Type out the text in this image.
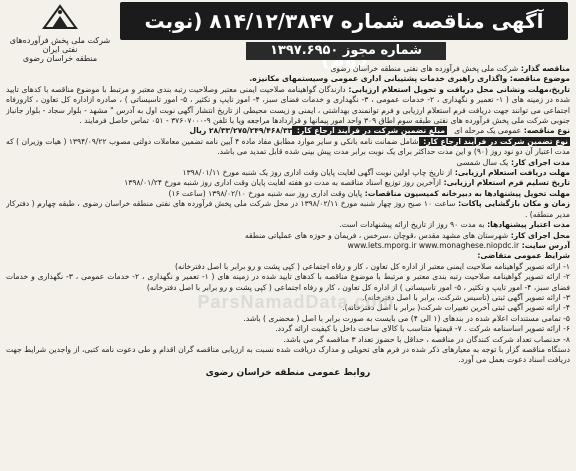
شرکت ملی پخش فرآورده‌های نفتی ایران
منطقه خراسان رضوی
آگهی مناقصه شماره ۸۱۴/۱۲/۳۸۴۷ (نوبت
شماره مجوز ۱۳۹۷.۶۹۵۰

مناقصه گذار: شرکت ملی پخش فرآورده های نفتی منطقه خراسان رضوی

موضوع مناقصه: واگذاری راهبری خدمات پشتیبانی اداری عمومی وسیستمهای مکانیزه.

تاریخ،مهلت ونشانی محل دریافت و تحویل استعلام ارزیابی: دارندگان گواهینامه صلاحیت ایمنی معتبر وصلاحیت رتبه بندی معتبر و مرتبط با موضوع مناقصه با کدهای تایید شده در زمینه های ( ۱- تعمیر و نگهداری ، ۲- خدمات عمومی ، ۳- نگهداری و خدمات فضای سبز، ۴- امور تایپ و تکثیر ، ۵- امور تاسیساتی ) ، صادره ازاداره کل تعاون ، کارورفاه اجتماعی می توانند جهت دریافت فرم استعلام ارزیابی و فرم توانمندی بهداشتی ، ایمنی و زیست محیطی از تاریخ انتشار آگهی نوبت اول به آدرس " مشهد - بلوار سجاد - بلوار جانباز جنوبی شرکت ملی پخش فرآورده های نفتی طبقه سوم اطاق ۳۰۹ واحد امور پیمانها و قراردادها مراجعه ویا با تلفن ۹-۳۷۶۰۷۰۰۰ - ۰۵۱ تماس حاصل فرمایند .

نوع مناقصه: عمومی یک مرحله ای   مبلغ تضمین شرکت در فرآیند ارجاع کار: ۲۸/۳۳/۲۷۵/۲۴۹/۴۶۸/۳۳ ریال

نوع تضمین شرکت در فرآیند ارجاع کار: شامل ضمانت نامه بانکی و سایر موارد مطابق مفاد ماده ۴ آیین نامه تضمین معاملات دولتی مصوب ۱۳۹۴/۰۹/۲۲ ( هیات وزیران ) که مدت اعتبار آن دو نود روز (۹۰) و این مدت حداکثر برای یک نوبت برابر مدت پیش بینی شده قابل تمدید می باشد.

مدت اجرای کار: یک سال شمسی

مهلت دریافت استعلام ارزیابی: از تاریخ چاپ اولین نوبت آگهی لغایت پایان وقت اداری روز یک شنبه مورخ ۱۳۹۸/۰۱/۱۱

تاریخ تسلیم فرم استعلام ارزیابی: ازآخرین روز توزیع اسناد مناقصه به مدت دو هفته لغایت پایان وقت اداری روز شنبه مورخ ۱۳۹۸/۰۱/۲۴

مهلت تحویل پیشنهادها به دبیرخانه کمیسیون مناقصات: پایان وقت اداری روز سه شنبه مورخ ۱۳۹۸/۰۲/۱۰ (ساعت ۱۶)

زمان و مکان بازگشایی پاکات: ساعت ۱۰ صبح روز چهار شنبه مورخ ۱۳۹۸/۰۲/۱۱ در محل شرکت ملی پخش فرآورده های نفتی منطقه خراسان رضوی ، طبقه چهارم ( دفترکار مدیر منطقه) .

مدت اعتبار پیشنهادها: به مدت ۹۰ روز از تاریخ ارائه پیشنهادات است.

محل اجرای کار: شهرستان های مشهد مقدس ،قوچان ،سرخس ، فریمان و حوزه های عملیاتی منطقه

آدرس سایت: www.lets.mporg.ir www.monaghese.niopdc.ir

شرایط عمومی متقاضی:

۱- ارائه تصویر گواهینامه صلاحیت ایمنی معتبر از اداره کل تعاون ، کار و رفاه اجتماعی ( کپی پشت و رو برابر با اصل دفترخانه)

۲- ارائه تصویر گواهینامه صلاحیت رتبه بندی معتبر و مرتبط با موضوع مناقصه با کدهای تایید شده در زمینه های ( ۱- تعمیر و نگهداری ، ۲- خدمات عمومی ، ۳- نگهداری و خدمات فضای سبز، ۴- امور تایپ و تکثیر ، ۵- امور تاسیساتی ) از اداره کل تعاون ، کار و رفاه اجتماعی ( کپی پشت و رو برابر با اصل دفترخانه)

۳- ارائه تصویر آگهی ثبتی (تاسیس شرکت، برابر با اصل دفترخانه).

۴- ارائه تصویر آگهی ثبتی آخرین تغییرات شرکت( برابر با اصل دفترخانه).

۵- تمامی مستندات اعلام شده در بندهای (۱ الی ۴) می بایست به صورت برابر با اصل ( محضری ) باشد.

۶- ارائه تصویر اساسنامه شرکت . ۷- قیمتها متناسب با کالای ساخت داخل با کیفیت ارائه گردد.

۸- حدنصاب تعداد شرکت کنندگان در مناقصه ، حداقل با حضور تعداد ۳ مناقصه گر می باشد.

دستگاه مناقصه گزار با توجه به معیارهای ذکر شده در فرم های تحویلی و مدارک دریافت شده نسبت به ارزیابی مناقصه گران اقدام و طی دعوت نامه کتبی، از واجدین شرایط جهت دریافت اسناد دعوت بعمل می آورد.

روابط عمومی منطقه خراسان رضوی
ParsNamadData.com
